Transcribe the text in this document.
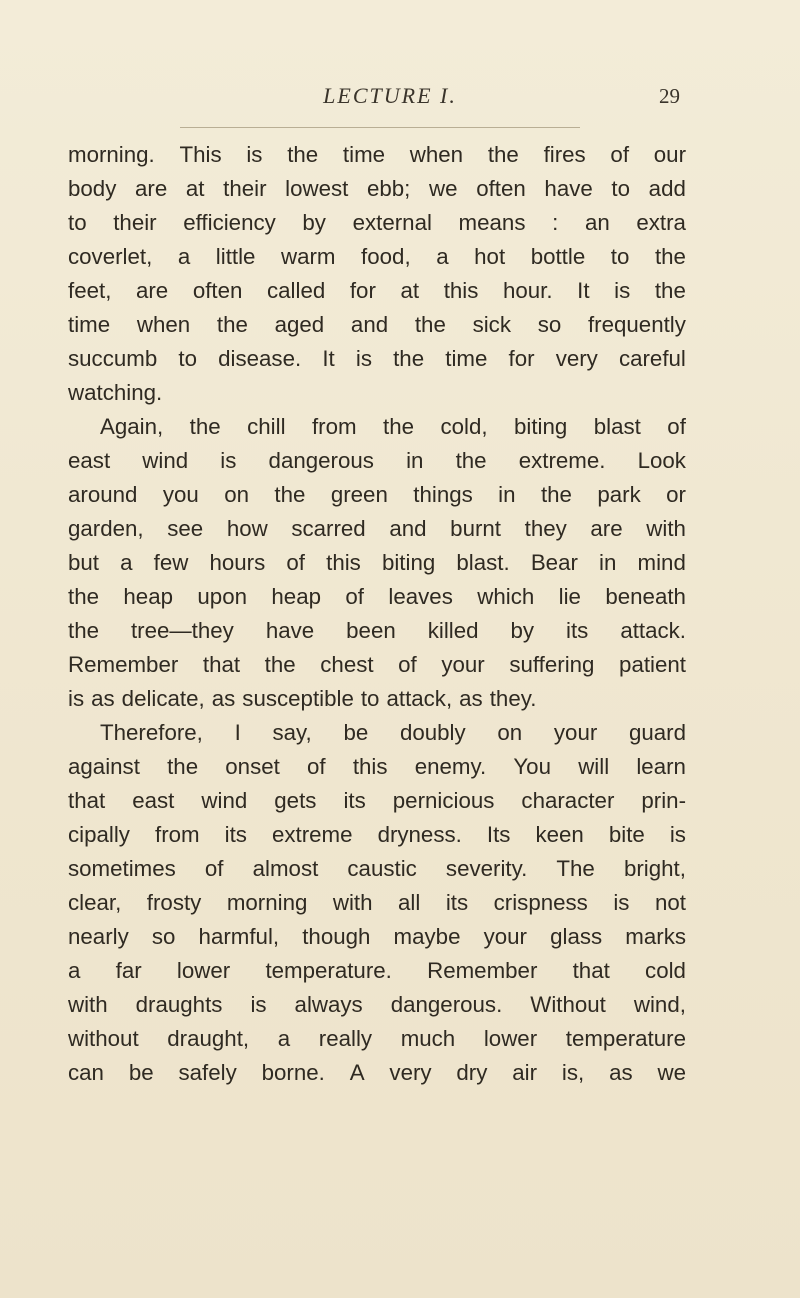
LECTURE I.	29
morning. This is the time when the fires of our
body are at their lowest ebb; we often have to add
to their efficiency by external means : an extra
coverlet, a little warm food, a hot bottle to the
feet, are often called for at this hour. It is the
time when the aged and the sick so frequently
succumb to disease. It is the time for very careful
watching.
Again, the chill from the cold, biting blast of
east wind is dangerous in the extreme. Look
around you on the green things in the park or
garden, see how scarred and burnt they are with
but a few hours of this biting blast. Bear in mind
the heap upon heap of leaves which lie beneath
the tree—they have been killed by its attack.
Remember that the chest of your suffering patient
is as delicate, as susceptible to attack, as they.
Therefore, I say, be doubly on your guard
against the onset of this enemy. You will learn
that east wind gets its pernicious character prin-
cipally from its extreme dryness. Its keen bite is
sometimes of almost caustic severity. The bright,
clear, frosty morning with all its crispness is not
nearly so harmful, though maybe your glass marks
a far lower temperature. Remember that cold
with draughts is always dangerous. Without wind,
without draught, a really much lower temperature
can be safely borne. A very dry air is, as we
